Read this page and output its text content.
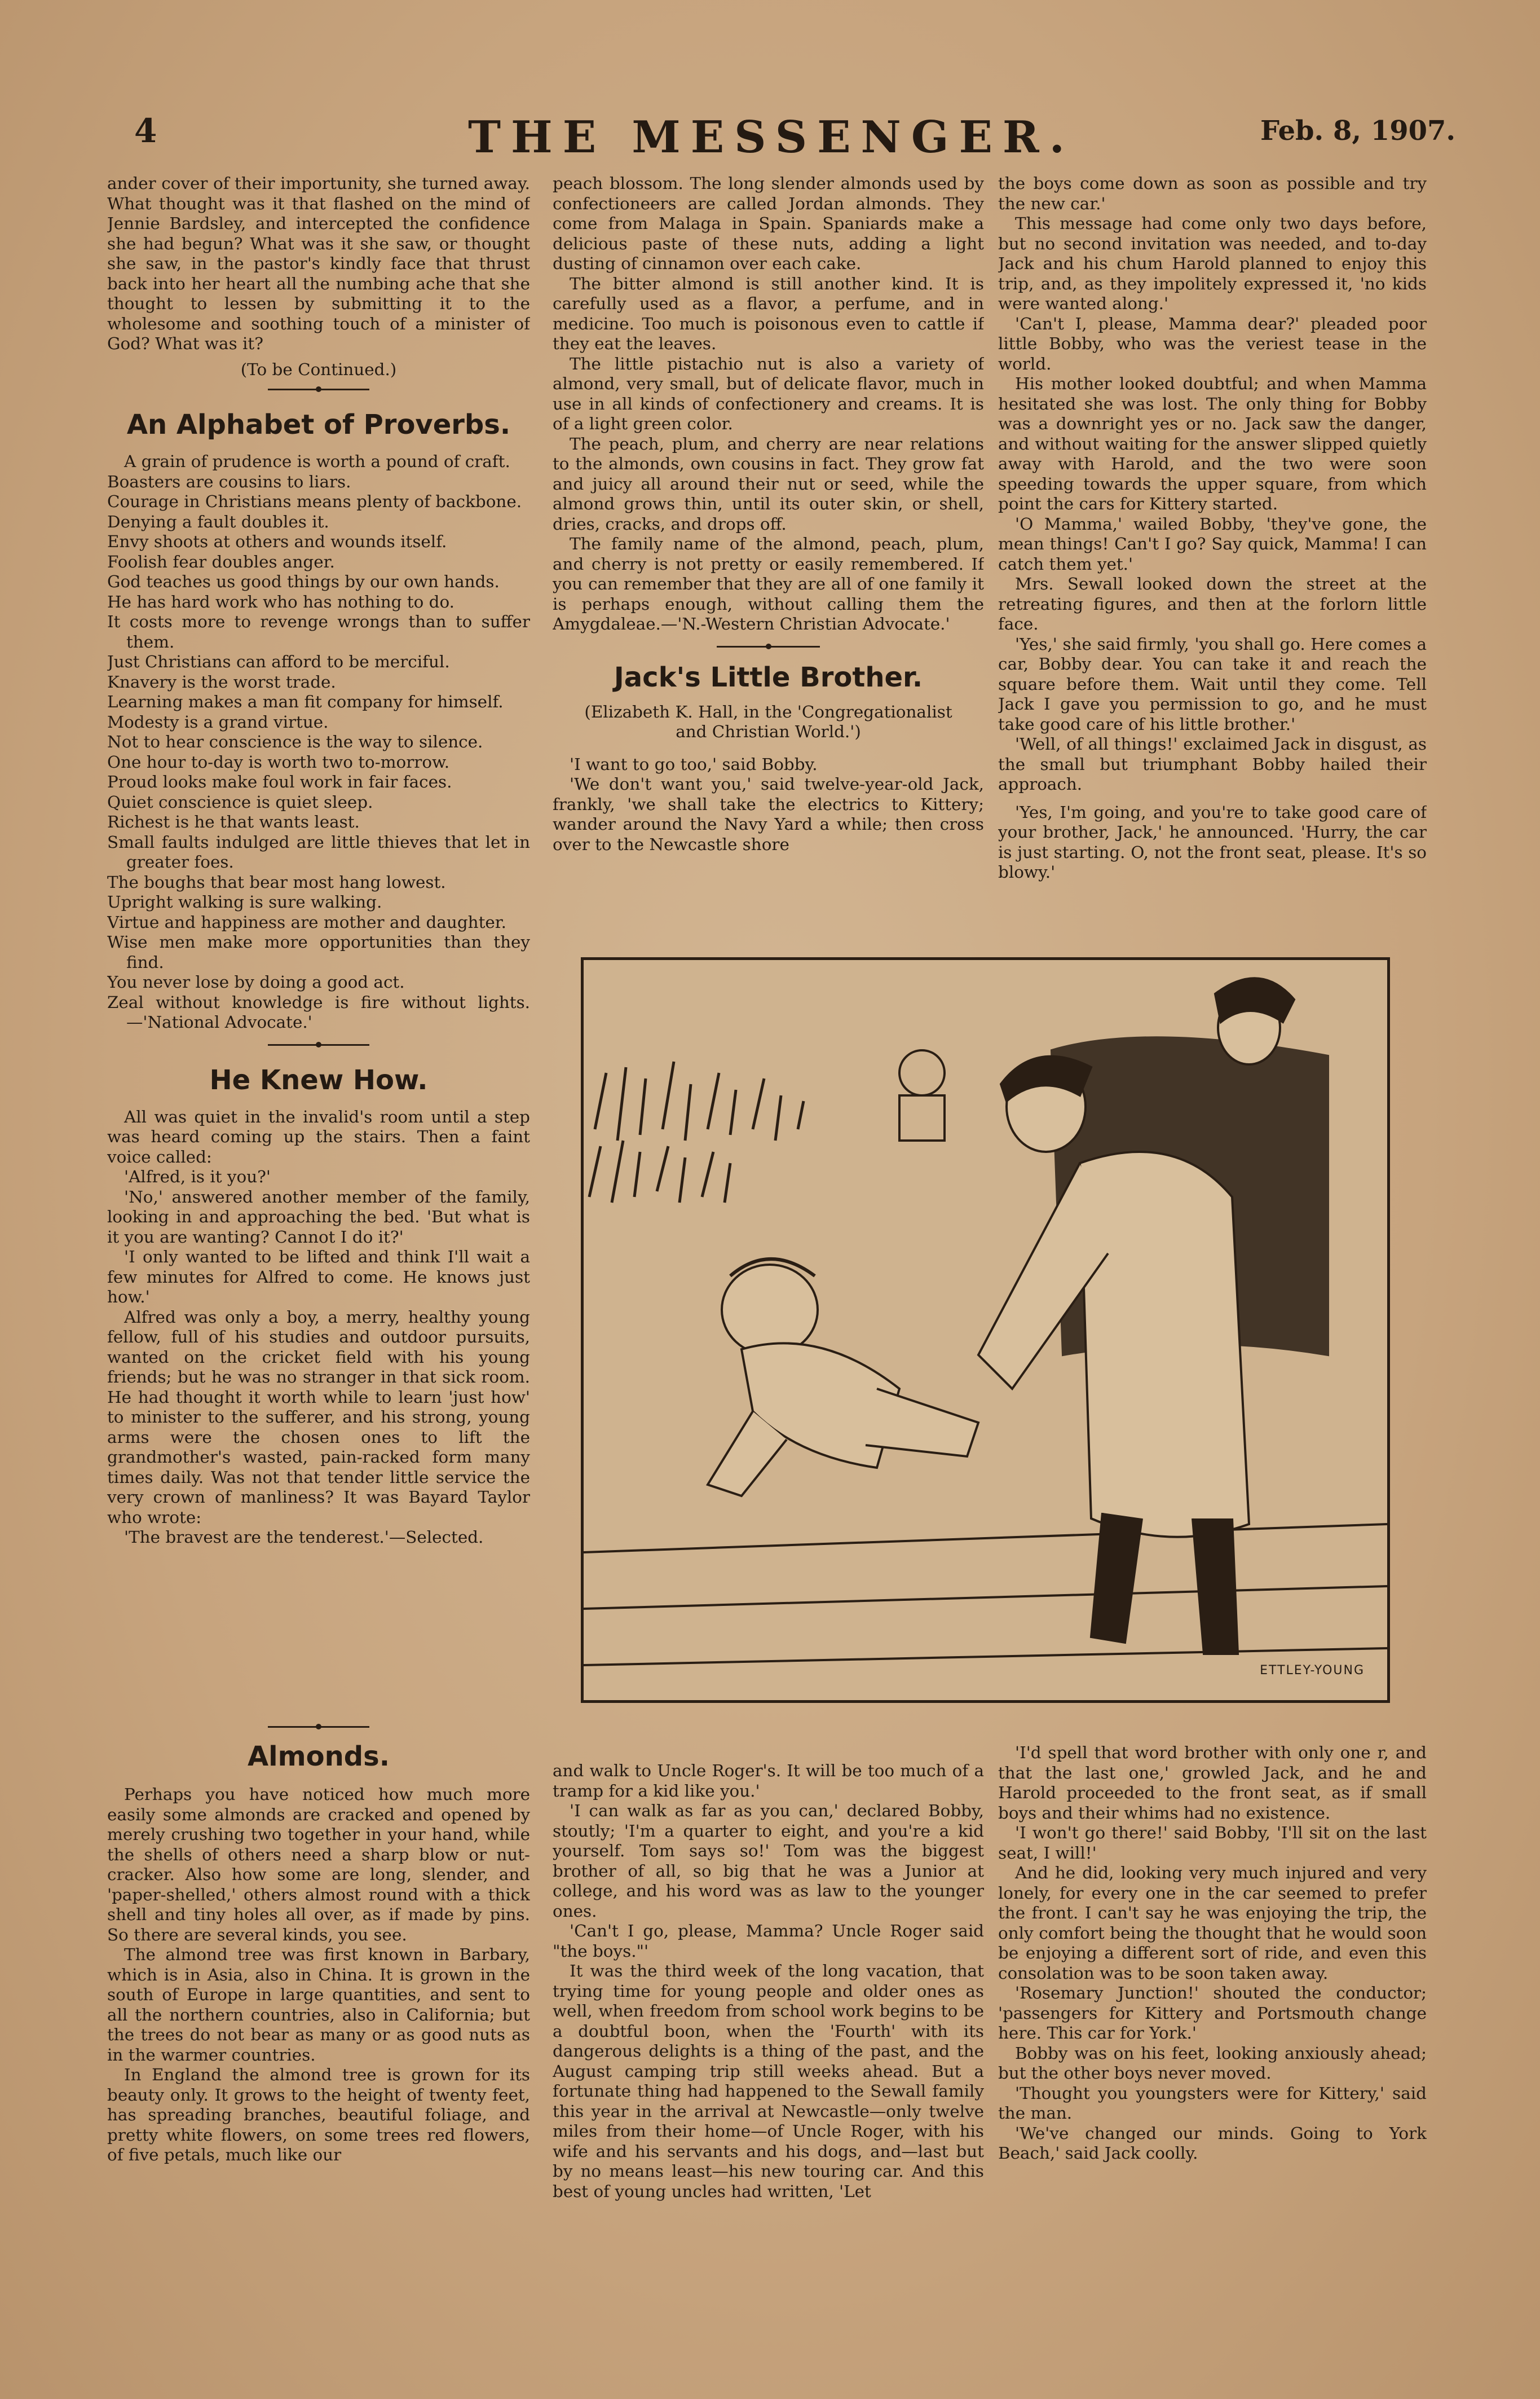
4	THE MESSENGER.	Feb. 8, 1907.

ander cover of their importunity, she turned away. What thought was it that flashed on the mind of Jennie Bardsley, and intercepted the confidence she had begun? What was it she saw, or thought she saw, in the pastor's kindly face that thrust back into her heart all the numbing ache that she thought to lessen by submitting it to the wholesome and soothing touch of a minister of God? What was it?

(To be Continued.)

An Alphabet of Proverbs.

A grain of prudence is worth a pound of craft.

Boasters are cousins to liars.

Courage in Christians means plenty of backbone.

Denying a fault doubles it.

Envy shoots at others and wounds itself.

Foolish fear doubles anger.

God teaches us good things by our own hands.

He has hard work who has nothing to do.

It costs more to revenge wrongs than to suffer them.

Just Christians can afford to be merciful.

Knavery is the worst trade.

Learning makes a man fit company for himself.

Modesty is a grand virtue.

Not to hear conscience is the way to silence.

One hour to-day is worth two to-morrow.

Proud looks make foul work in fair faces.

Quiet conscience is quiet sleep.

Richest is he that wants least.

Small faults indulged are little thieves that let in greater foes.

The boughs that bear most hang lowest.

Upright walking is sure walking.

Virtue and happiness are mother and daughter.

Wise men make more opportunities than they find.

You never lose by doing a good act.

Zeal without knowledge is fire without lights.—'National Advocate.'

He Knew How.

All was quiet in the invalid's room until a step was heard coming up the stairs. Then a faint voice called:

'Alfred, is it you?'

'No,' answered another member of the family, looking in and approaching the bed. 'But what is it you are wanting? Cannot I do it?'

'I only wanted to be lifted and think I'll wait a few minutes for Alfred to come. He knows just how.'

Alfred was only a boy, a merry, healthy young fellow, full of his studies and outdoor pursuits, wanted on the cricket field with his young friends; but he was no stranger in that sick room. He had thought it worth while to learn 'just how' to minister to the sufferer, and his strong, young arms were the chosen ones to lift the grandmother's wasted, pain-racked form many times daily. Was not that tender little service the very crown of manliness? It was Bayard Taylor who wrote:

'The bravest are the tenderest.'—Selected.

Almonds.

Perhaps you have noticed how much more easily some almonds are cracked and opened by merely crushing two together in your hand, while the shells of others need a sharp blow or nut-cracker. Also how some are long, slender, and 'paper-shelled,' others almost round with a thick shell and tiny holes all over, as if made by pins. So there are several kinds, you see.

The almond tree was first known in Barbary, which is in Asia, also in China. It is grown in the south of Europe in large quantities, and sent to all the northern countries, also in California; but the trees do not bear as many or as good nuts as in the warmer countries.

In England the almond tree is grown for its beauty only. It grows to the height of twenty feet, has spreading branches, beautiful foliage, and pretty white flowers, on some trees red flowers, of five petals, much like our

peach blossom. The long slender almonds used by confectioneers are called Jordan almonds. They come from Malaga in Spain. Spaniards make a delicious paste of these nuts, adding a light dusting of cinnamon over each cake.

The bitter almond is still another kind. It is carefully used as a flavor, a perfume, and in medicine. Too much is poisonous even to cattle if they eat the leaves.

The little pistachio nut is also a variety of almond, very small, but of delicate flavor, much in use in all kinds of confectionery and creams. It is of a light green color.

The peach, plum, and cherry are near relations to the almonds, own cousins in fact. They grow fat and juicy all around their nut or seed, while the almond grows thin, until its outer skin, or shell, dries, cracks, and drops off.

The family name of the almond, peach, plum, and cherry is not pretty or easily remembered. If you can remember that they are all of one family it is perhaps enough, without calling them the Amygdaleae.—'N.-Western Christian Advocate.'

Jack's Little Brother.

(Elizabeth K. Hall, in the 'Congregationalist and Christian World.')

'I want to go too,' said Bobby.

'We don't want you,' said twelve-year-old Jack, frankly, 'we shall take the electrics to Kittery; wander around the Navy Yard a while; then cross over to the Newcastle shore

the boys come down as soon as possible and try the new car.'

This message had come only two days before, but no second invitation was needed, and to-day Jack and his chum Harold planned to enjoy this trip, and, as they impolitely expressed it, 'no kids were wanted along.'

'Can't I, please, Mamma dear?' pleaded poor little Bobby, who was the veriest tease in the world.

His mother looked doubtful; and when Mamma hesitated she was lost. The only thing for Bobby was a downright yes or no. Jack saw the danger, and without waiting for the answer slipped quietly away with Harold, and the two were soon speeding towards the upper square, from which point the cars for Kittery started.

'O Mamma,' wailed Bobby, 'they've gone, the mean things! Can't I go? Say quick, Mamma! I can catch them yet.'

Mrs. Sewall looked down the street at the retreating figures, and then at the forlorn little face.

'Yes,' she said firmly, 'you shall go. Here comes a car, Bobby dear. You can take it and reach the square before them. Wait until they come. Tell Jack I gave you permission to go, and he must take good care of his little brother.'

'Well, of all things!' exclaimed Jack in disgust, as the small but triumphant Bobby hailed their approach.

'Yes, I'm going, and you're to take good care of your brother, Jack,' he announced. 'Hurry, the car is just starting. O, not the front seat, please. It's so blowy.'

ETTLEY-YOUNG

and walk to Uncle Roger's. It will be too much of a tramp for a kid like you.'

'I can walk as far as you can,' declared Bobby, stoutly; 'I'm a quarter to eight, and you're a kid yourself. Tom says so!' Tom was the biggest brother of all, so big that he was a Junior at college, and his word was as law to the younger ones.

'Can't I go, please, Mamma? Uncle Roger said "the boys."'

It was the third week of the long vacation, that trying time for young people and older ones as well, when freedom from school work begins to be a doubtful boon, when the 'Fourth' with its dangerous delights is a thing of the past, and the August camping trip still weeks ahead. But a fortunate thing had happened to the Sewall family this year in the arrival at Newcastle—only twelve miles from their home—of Uncle Roger, with his wife and his servants and his dogs, and—last but by no means least—his new touring car. And this best of young uncles had written, 'Let

'I'd spell that word brother with only one r, and that the last one,' growled Jack, and he and Harold proceeded to the front seat, as if small boys and their whims had no existence.

'I won't go there!' said Bobby, 'I'll sit on the last seat, I will!'

And he did, looking very much injured and very lonely, for every one in the car seemed to prefer the front. I can't say he was enjoying the trip, the only comfort being the thought that he would soon be enjoying a different sort of ride, and even this consolation was to be soon taken away.

'Rosemary Junction!' shouted the conductor; 'passengers for Kittery and Portsmouth change here. This car for York.'

Bobby was on his feet, looking anxiously ahead; but the other boys never moved.

'Thought you youngsters were for Kittery,' said the man.

'We've changed our minds. Going to York Beach,' said Jack coolly.
